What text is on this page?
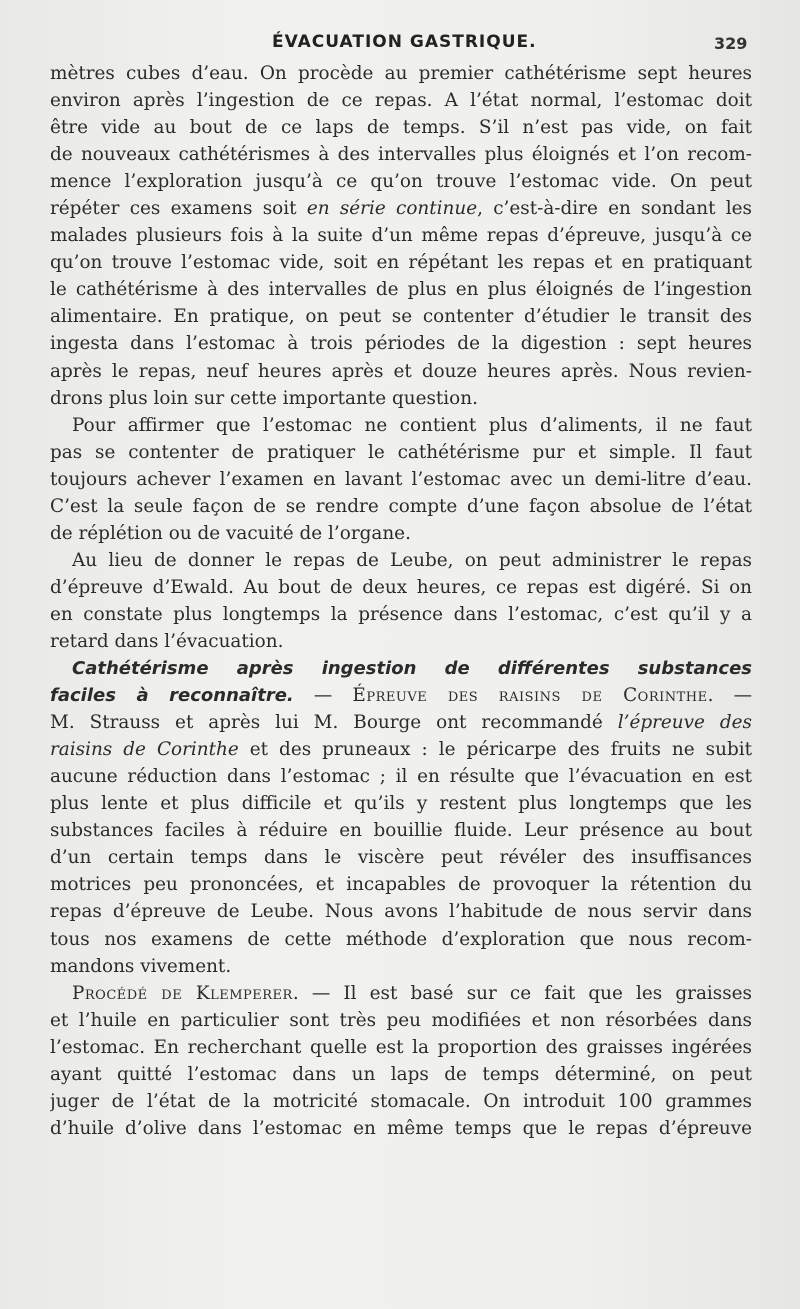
ÉVACUATION GASTRIQUE.	329
mètres cubes d’eau. On procède au premier cathétérisme sept heures
environ après l’ingestion de ce repas. A l’état normal, l’estomac doit
être vide au bout de ce laps de temps. S’il n’est pas vide, on fait
de nouveaux cathétérismes à des intervalles plus éloignés et l’on recom-
mence l’exploration jusqu’à ce qu’on trouve l’estomac vide. On peut
répéter ces examens soit en série continue, c’est-à-dire en sondant les
malades plusieurs fois à la suite d’un même repas d’épreuve, jusqu’à ce
qu’on trouve l’estomac vide, soit en répétant les repas et en pratiquant
le cathétérisme à des intervalles de plus en plus éloignés de l’ingestion
alimentaire. En pratique, on peut se contenter d’étudier le transit des
ingesta dans l’estomac à trois périodes de la digestion : sept heures
après le repas, neuf heures après et douze heures après. Nous revien-
drons plus loin sur cette importante question.
Pour affirmer que l’estomac ne contient plus d’aliments, il ne faut
pas se contenter de pratiquer le cathétérisme pur et simple. Il faut
toujours achever l’examen en lavant l’estomac avec un demi-litre d’eau.
C’est la seule façon de se rendre compte d’une façon absolue de l’état
de réplétion ou de vacuité de l’organe.
Au lieu de donner le repas de Leube, on peut administrer le repas
d’épreuve d’Ewald. Au bout de deux heures, ce repas est digéré. Si on
en constate plus longtemps la présence dans l’estomac, c’est qu’il y a
retard dans l’évacuation.
Cathétérisme après ingestion de différentes substances
faciles à reconnaître. — Épreuve des raisins de Corinthe. —
M. Strauss et après lui M. Bourge ont recommandé l’épreuve des
raisins de Corinthe et des pruneaux : le péricarpe des fruits ne subit
aucune réduction dans l’estomac ; il en résulte que l’évacuation en est
plus lente et plus difficile et qu’ils y restent plus longtemps que les
substances faciles à réduire en bouillie fluide. Leur présence au bout
d’un certain temps dans le viscère peut révéler des insuffisances
motrices peu prononcées, et incapables de provoquer la rétention du
repas d’épreuve de Leube. Nous avons l’habitude de nous servir dans
tous nos examens de cette méthode d’exploration que nous recom-
mandons vivement.
Procédé de Klemperer. — Il est basé sur ce fait que les graisses
et l’huile en particulier sont très peu modifiées et non résorbées dans
l’estomac. En recherchant quelle est la proportion des graisses ingérées
ayant quitté l’estomac dans un laps de temps déterminé, on peut
juger de l’état de la motricité stomacale. On introduit 100 grammes
d’huile d’olive dans l’estomac en même temps que le repas d’épreuve
